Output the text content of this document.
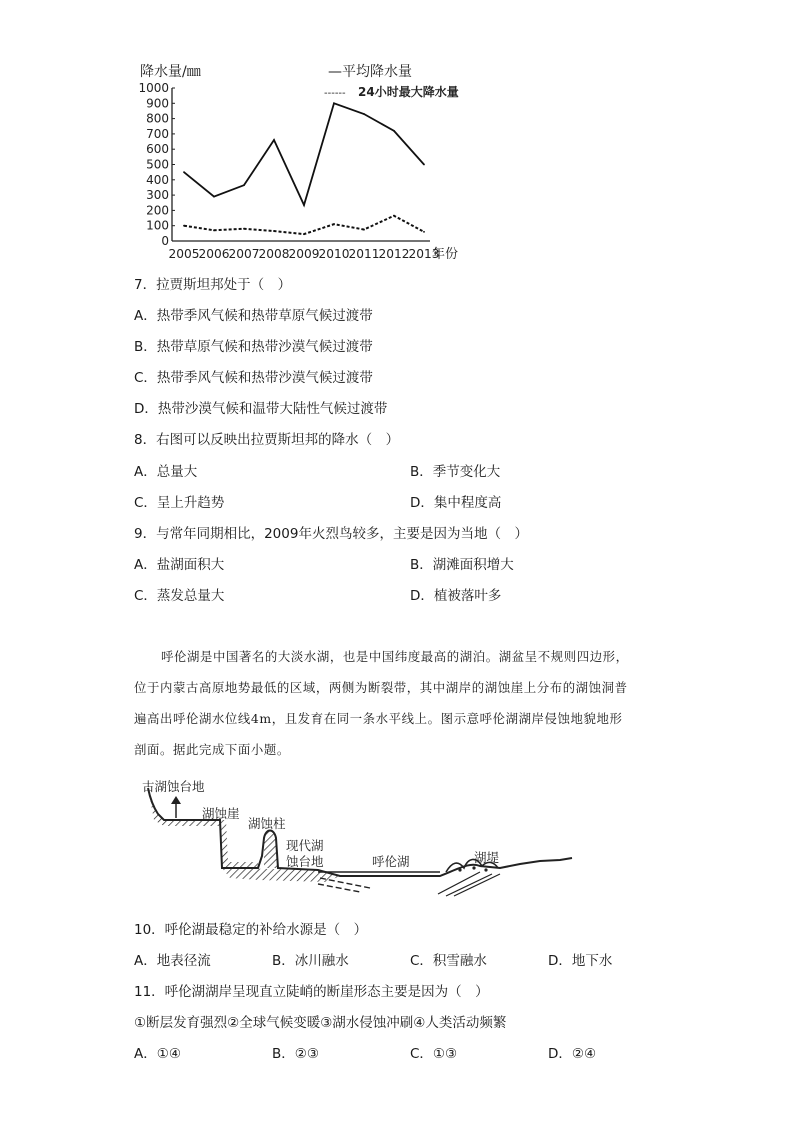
降水量/㎜	— 平均降水量
------ 24小时最大降水量
0
100
200
300
400
500
600
700
800
900
1000
2005 2006
2007 2008
2009
2010
2011 2012 2013
年份
7．拉贾斯坦邦处于（　）
A．热带季风气候和热带草原气候过渡带
B．热带草原气候和热带沙漠气候过渡带
C．热带季风气候和热带沙漠气候过渡带
D．热带沙漠气候和温带大陆性气候过渡带
8．右图可以反映出拉贾斯坦邦的降水（　）
A．总量大	B．季节变化大
C．呈上升趋势	D．集中程度高
9．与常年同期相比，2009年火烈鸟较多，主要是因为当地（　）
A．盐湖面积大	B．湖滩面积增大
C．蒸发总量大	D．植被落叶多
呼伦湖是中国著名的大淡水湖，也是中国纬度最高的湖泊。湖盆呈不规则四边形，
位于内蒙古高原地势最低的区域，两侧为断裂带，其中湖岸的湖蚀崖上分布的湖蚀洞普
遍高出呼伦湖水位线4m，且发育在同一条水平线上。图示意呼伦湖湖岸侵蚀地貌地形
剖面。据此完成下面小题。
古湖蚀台地
湖蚀崖
湖蚀柱
现代湖
蚀台地	呼伦湖	湖堤
10．呼伦湖最稳定的补给水源是（　）
A．地表径流	B．冰川融水	C．积雪融水	D．地下水
11．呼伦湖湖岸呈现直立陡峭的断崖形态主要是因为（　）
①断层发育强烈②全球气候变暖③湖水侵蚀冲刷④人类活动频繁
A．①④	B．②③	C．①③	D．②④
